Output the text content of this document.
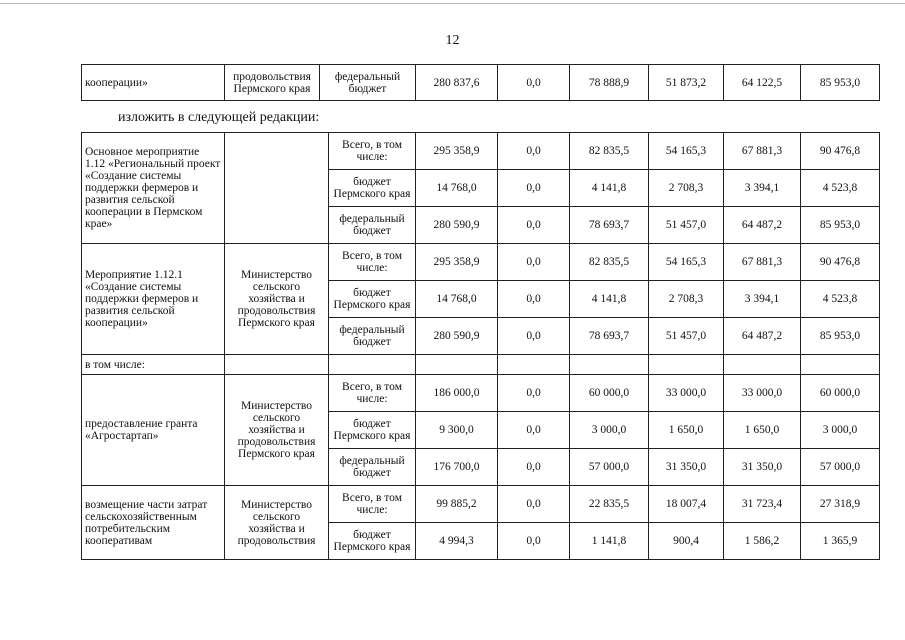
12
кооперации»	продовольствия Пермского края	федеральный бюджет	280 837,6	0,0	78 888,9	51 873,2	64 122,5	85 953,0
изложить в следующей редакции:
Основное мероприятие 1.12 «Региональный проект «Создание системы поддержки фермеров и развития сельской кооперации в Пермском крае»		Всего, в том числе:	295 358,9	0,0	82 835,5	54 165,3	67 881,3	90 476,8
		бюджет Пермского края	14 768,0	0,0	4 141,8	2 708,3	3 394,1	4 523,8
		федеральный бюджет	280 590,9	0,0	78 693,7	51 457,0	64 487,2	85 953,0
Мероприятие 1.12.1 «Создание системы поддержки фермеров и развития сельской кооперации»	Министерство сельского хозяйства и продовольствия Пермского края	Всего, в том числе:	295 358,9	0,0	82 835,5	54 165,3	67 881,3	90 476,8
		бюджет Пермского края	14 768,0	0,0	4 141,8	2 708,3	3 394,1	4 523,8
		федеральный бюджет	280 590,9	0,0	78 693,7	51 457,0	64 487,2	85 953,0
в том числе:								
предоставление гранта «Агростартап»	Министерство сельского хозяйства и продовольствия Пермского края	Всего, в том числе:	186 000,0	0,0	60 000,0	33 000,0	33 000,0	60 000,0
		бюджет Пермского края	9 300,0	0,0	3 000,0	1 650,0	1 650,0	3 000,0
		федеральный бюджет	176 700,0	0,0	57 000,0	31 350,0	31 350,0	57 000,0
возмещение части затрат сельскохозяйственным потребительским кооперативам	Министерство сельского хозяйства и продовольствия	Всего, в том числе:	99 885,2	0,0	22 835,5	18 007,4	31 723,4	27 318,9
		бюджет Пермского края	4 994,3	0,0	1 141,8	900,4	1 586,2	1 365,9
